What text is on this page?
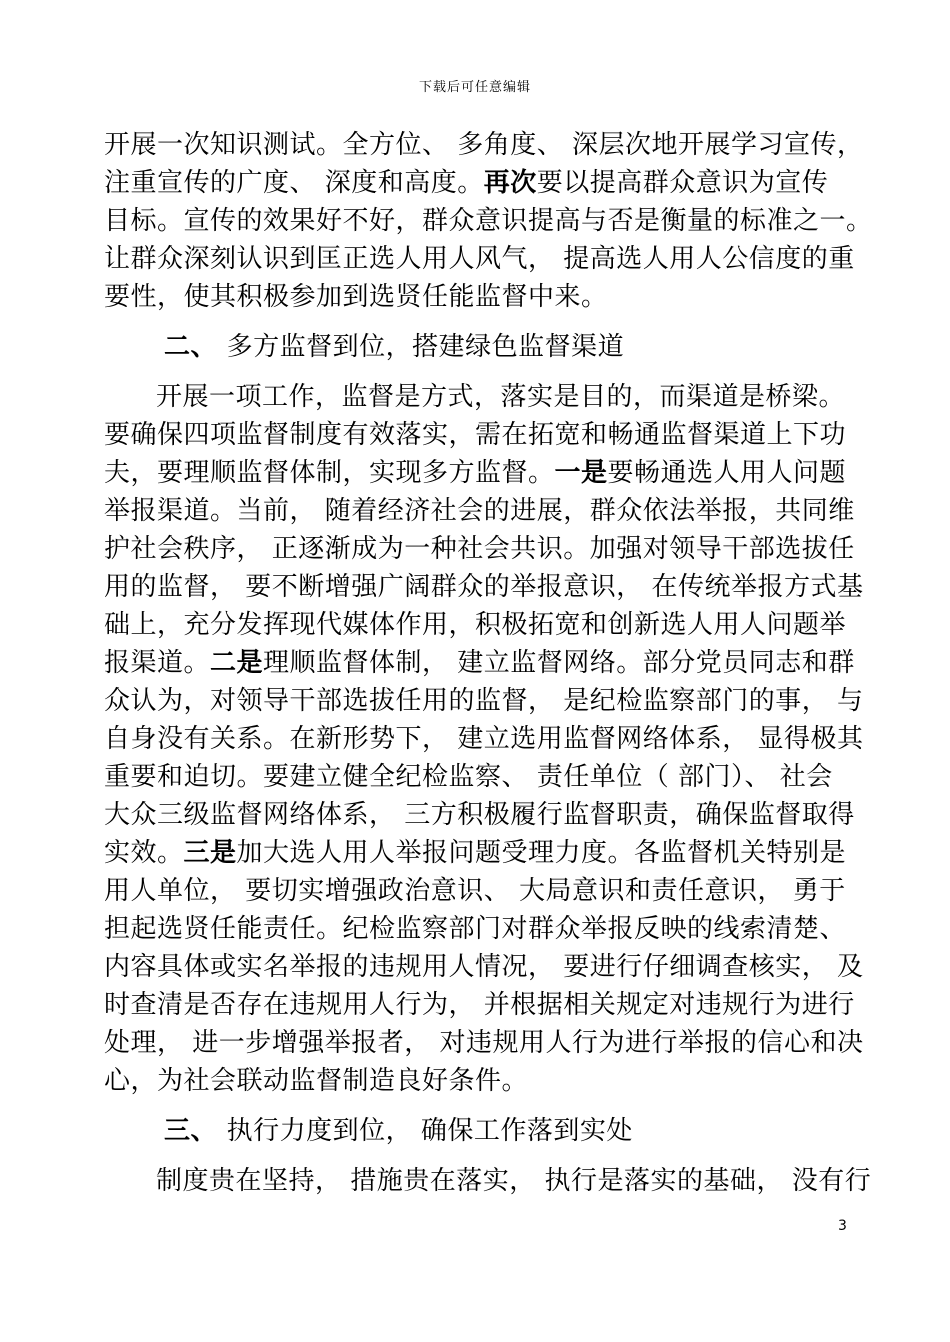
下载后可任意编辑
开展一次知识测试。全方位、 多角度、 深层次地开展学习宣传，
注重宣传的广度、 深度和高度。再次要以提高群众意识为宣传
目标。宣传的效果好不好，群众意识提高与否是衡量的标准之一。
让群众深刻认识到匡正选人用人风气， 提高选人用人公信度的重
要性，使其积极参加到选贤任能监督中来。
二、 多方监督到位，搭建绿色监督渠道
开展一项工作，监督是方式，落实是目的，而渠道是桥梁。
要确保四项监督制度有效落实，需在拓宽和畅通监督渠道上下功
夫，要理顺监督体制，实现多方监督。一是要畅通选人用人问题
举报渠道。当前， 随着经济社会的进展，群众依法举报，共同维
护社会秩序， 正逐渐成为一种社会共识。加强对领导干部选拔任
用的监督， 要不断增强广阔群众的举报意识， 在传统举报方式基
础上，充分发挥现代媒体作用，积极拓宽和创新选人用人问题举
报渠道。二是理顺监督体制， 建立监督网络。部分党员同志和群
众认为，对领导干部选拔任用的监督， 是纪检监察部门的事， 与
自身没有关系。在新形势下， 建立选用监督网络体系， 显得极其
重要和迫切。要建立健全纪检监察、 责任单位（ 部门）、 社会
大众三级监督网络体系， 三方积极履行监督职责，确保监督取得
实效。三是加大选人用人举报问题受理力度。各监督机关特别是
用人单位， 要切实增强政治意识、 大局意识和责任意识， 勇于
担起选贤任能责任。纪检监察部门对群众举报反映的线索清楚、
内容具体或实名举报的违规用人情况， 要进行仔细调查核实， 及
时查清是否存在违规用人行为， 并根据相关规定对违规行为进行
处理， 进一步增强举报者， 对违规用人行为进行举报的信心和决
心，为社会联动监督制造良好条件。
三、 执行力度到位， 确保工作落到实处
制度贵在坚持， 措施贵在落实， 执行是落实的基础， 没有行
3
